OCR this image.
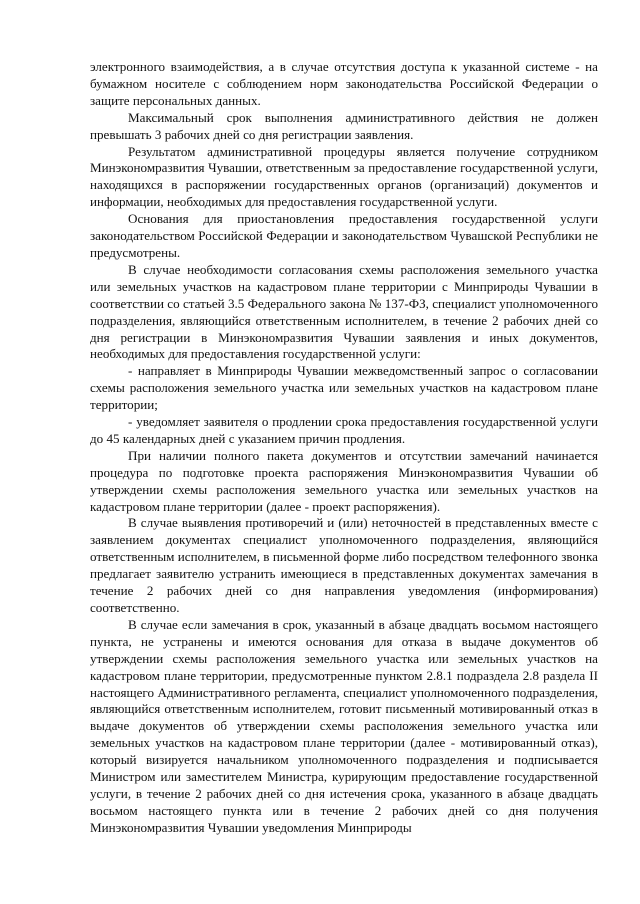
электронного взаимодействия, а в случае отсутствия доступа к указанной системе - на бумажном носителе с соблюдением норм законодательства Российской Федерации о защите персональных данных.

Максимальный срок выполнения административного действия не должен превышать 3 рабочих дней со дня регистрации заявления.

Результатом административной процедуры является получение сотрудником Минэкономразвития Чувашии, ответственным за предоставление государственной услуги, находящихся в распоряжении государственных органов (организаций) документов и информации, необходимых для предоставления государственной услуги.

Основания для приостановления предоставления государственной услуги законодательством Российской Федерации и законодательством Чувашской Республики не предусмотрены.

В случае необходимости согласования схемы расположения земельного участка или земельных участков на кадастровом плане территории с Минприроды Чувашии в соответствии со статьей 3.5 Федерального закона № 137-ФЗ, специалист уполномоченного подразделения, являющийся ответственным исполнителем, в течение 2 рабочих дней со дня регистрации в Минэкономразвития Чувашии заявления и иных документов, необходимых для предоставления государственной услуги:

- направляет в Минприроды Чувашии межведомственный запрос о согласовании схемы расположения земельного участка или земельных участков на кадастровом плане территории;

- уведомляет заявителя о продлении срока предоставления государственной услуги до 45 календарных дней с указанием причин продления.

При наличии полного пакета документов и отсутствии замечаний начинается процедура по подготовке проекта распоряжения Минэкономразвития Чувашии об утверждении схемы расположения земельного участка или земельных участков на кадастровом плане территории (далее - проект распоряжения).

В случае выявления противоречий и (или) неточностей в представленных вместе с заявлением документах специалист уполномоченного подразделения, являющийся ответственным исполнителем, в письменной форме либо посредством телефонного звонка предлагает заявителю устранить имеющиеся в представленных документах замечания в течение 2 рабочих дней со дня направления уведомления (информирования) соответственно.

В случае если замечания в срок, указанный в абзаце двадцать восьмом настоящего пункта, не устранены и имеются основания для отказа в выдаче документов об утверждении схемы расположения земельного участка или земельных участков на кадастровом плане территории, предусмотренные пунктом 2.8.1 подраздела 2.8 раздела II настоящего Административного регламента, специалист уполномоченного подразделения, являющийся ответственным исполнителем, готовит письменный мотивированный отказ в выдаче документов об утверждении схемы расположения земельного участка или земельных участков на кадастровом плане территории (далее - мотивированный отказ), который визируется начальником уполномоченного подразделения и подписывается Министром или заместителем Министра, курирующим предоставление государственной услуги, в течение 2 рабочих дней со дня истечения срока, указанного в абзаце двадцать восьмом настоящего пункта или в течение 2 рабочих дней со дня получения Минэкономразвития Чувашии уведомления Минприроды
